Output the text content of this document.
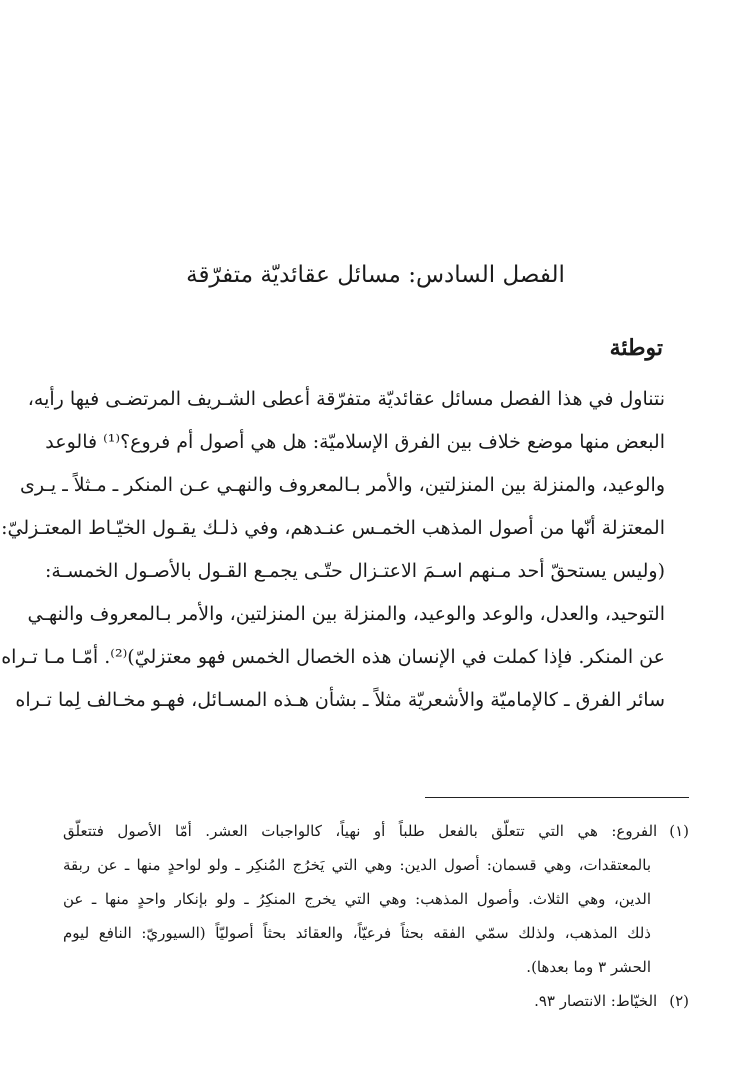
الفصل السادس: مسائل عقائديّة متفرّقة
توطئة
نتناول في هذا الفصل مسائل عقائديّة متفرّقة أعطى الشـريف المرتضـى فيها رأيه،
البعض منها موضع خلاف بين الفرق الإسلاميّة: هل هي أصول أم فروع؟⁽¹⁾ فالوعد
والوعيد، والمنزلة بين المنزلتين، والأمر بـالمعروف والنهـي عـن المنكر ـ مـثلاً ـ يـرى
المعتزلة أنّها من أصول المذهب الخمـس عنـدهم، وفي ذلـك يقـول الخيّـاط المعتـزليّ:
(وليس يستحقّ أحد مـنهم اسـمَ الاعتـزال حتّـى يجمـع القـول بالأصـول الخمسـة:
التوحيد، والعدل، والوعد والوعيد، والمنزلة بين المنزلتين، والأمر بـالمعروف والنهـي
عن المنكر. فإذا كملت في الإنسان هذه الخصال الخمس فهو معتزليّ)⁽²⁾. أمّـا مـا تـراه
سائر الفرق ـ كالإماميّة والأشعريّة مثلاً ـ بشأن هـذه المسـائل، فهـو مخـالف لِما تـراه
(١)الفروع: هي التي تتعلّق بالفعل طلباً أو نهياً، كالواجبات العشر. أمّا الأصول فتتعلّق
بالمعتقدات، وهي قسمان: أصول الدين: وهي التي يَخرُج المُنكِر ـ ولو لواحدٍ منها ـ عن ربقة
الدين، وهي الثلاث. وأصول المذهب: وهي التي يخرج المنكِرُ ـ ولو بإنكار واحدٍ منها ـ عن
ذلك المذهب، ولذلك سمّي الفقه بحثاً فرعيّاً، والعقائد بحثاً أصوليّاً (السيوريّ: النافع ليوم
الحشر ٣ وما بعدها).
(٢)الخيّاط: الانتصار ٩٣.
